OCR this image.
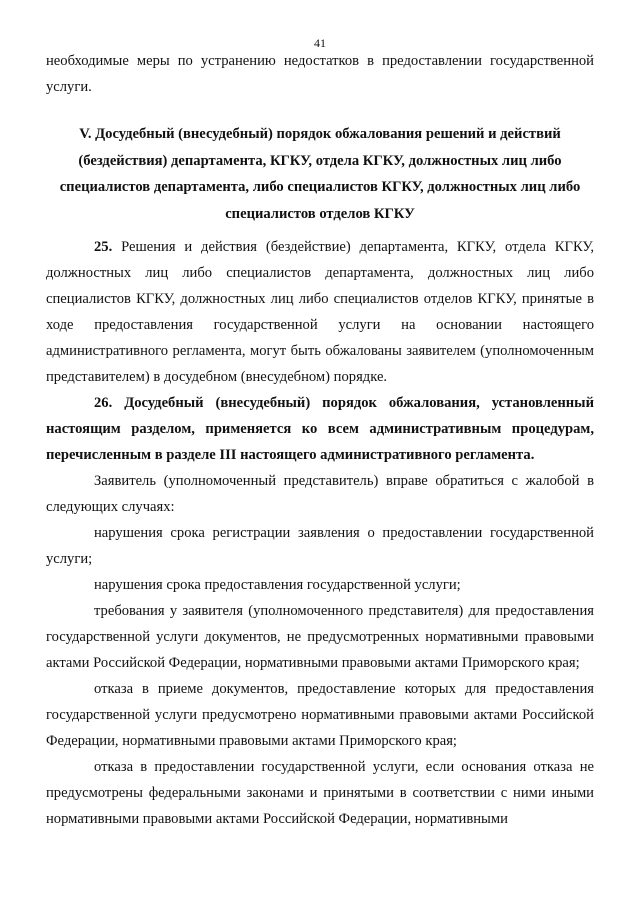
41

необходимые меры по устранению недостатков в предоставлении государственной услуги.

V. Досудебный (внесудебный) порядок обжалования решений и действий (бездействия) департамента, КГКУ, отдела КГКУ, должностных лиц либо специалистов департамента, либо специалистов КГКУ, должностных лиц либо специалистов отделов КГКУ

25. Решения и действия (бездействие) департамента, КГКУ, отдела КГКУ, должностных лиц либо специалистов департамента, должностных лиц либо специалистов КГКУ, должностных лиц либо специалистов отделов КГКУ, принятые в ходе предоставления государственной услуги на основании настоящего административного регламента, могут быть обжалованы заявителем (уполномоченным представителем) в досудебном (внесудебном) порядке.

26. Досудебный (внесудебный) порядок обжалования, установленный настоящим разделом, применяется ко всем административным процедурам, перечисленным в разделе III настоящего административного регламента.

Заявитель (уполномоченный представитель) вправе обратиться с жалобой в следующих случаях:

нарушения срока регистрации заявления о предоставлении государственной услуги;

нарушения срока предоставления государственной услуги;

требования у заявителя (уполномоченного представителя) для предоставления государственной услуги документов, не предусмотренных нормативными правовыми актами Российской Федерации, нормативными правовыми актами Приморского края;

отказа в приеме документов, предоставление которых для предоставления государственной услуги предусмотрено нормативными правовыми актами Российской Федерации, нормативными правовыми актами Приморского края;

отказа в предоставлении государственной услуги, если основания отказа не предусмотрены федеральными законами и принятыми в соответствии с ними иными нормативными правовыми актами Российской Федерации, нормативными
